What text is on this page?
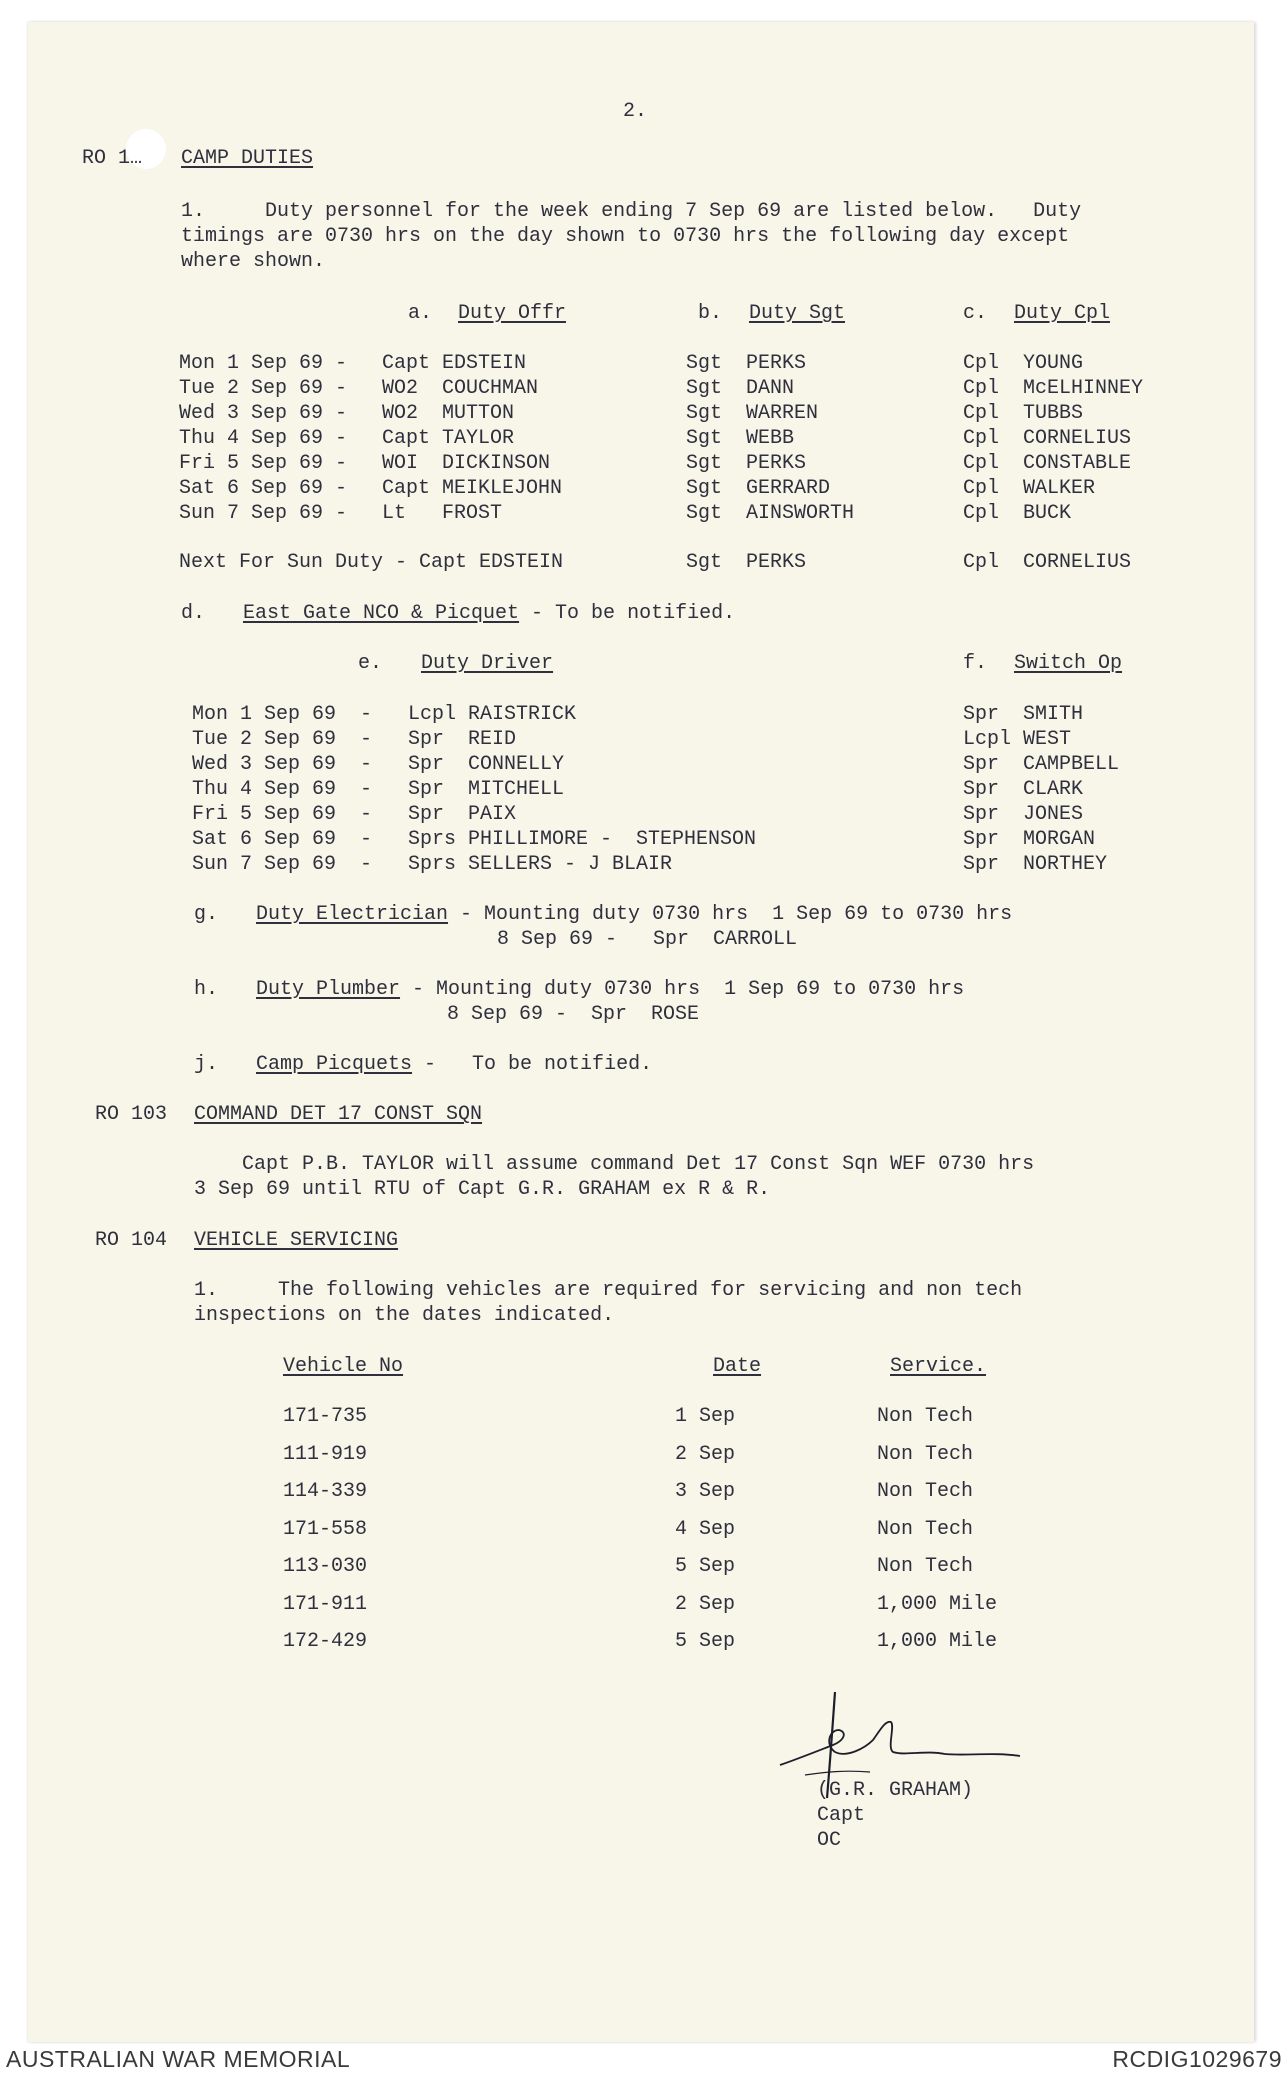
2.
RO 1… CAMP DUTIES
1.     Duty personnel for the week ending 7 Sep 69 are listed below.   Duty
timings are 0730 hrs on the day shown to 0730 hrs the following day except
where shown.
a. Duty Offr	b. Duty Sgt	c. Duty Cpl
Mon 1 Sep 69 - Capt EDSTEIN	Sgt  PERKS	Cpl  YOUNG
Tue 2 Sep 69 - WO2  COUCHMAN	Sgt  DANN	Cpl  McELHINNEY
Wed 3 Sep 69 - WO2  MUTTON	Sgt  WARREN	Cpl  TUBBS
Thu 4 Sep 69 - Capt TAYLOR	Sgt  WEBB	Cpl  CORNELIUS
Fri 5 Sep 69 - WOI  DICKINSON	Sgt  PERKS	Cpl  CONSTABLE
Sat 6 Sep 69 - Capt MEIKLEJOHN	Sgt  GERRARD	Cpl  WALKER
Sun 7 Sep 69 - Lt   FROST	Sgt  AINSWORTH	Cpl  BUCK
Next For Sun Duty - Capt EDSTEIN	Sgt  PERKS	Cpl  CORNELIUS
d. East Gate NCO & Picquet - To be notified.
e. Duty Driver	f. Switch Op
Mon 1 Sep 69  - Lcpl RAISTRICK	Spr  SMITH
Tue 2 Sep 69  - Spr  REID	Lcpl WEST
Wed 3 Sep 69  - Spr  CONNELLY	Spr  CAMPBELL
Thu 4 Sep 69  - Spr  MITCHELL	Spr  CLARK
Fri 5 Sep 69  - Spr  PAIX	Spr  JONES
Sat 6 Sep 69  - Sprs PHILLIMORE -  STEPHENSON	Spr  MORGAN
Sun 7 Sep 69  - Sprs SELLERS - J BLAIR	Spr  NORTHEY
g. Duty Electrician - Mounting duty 0730 hrs  1 Sep 69 to 0730 hrs
8 Sep 69 -   Spr  CARROLL
h. Duty Plumber - Mounting duty 0730 hrs  1 Sep 69 to 0730 hrs
8 Sep 69 -  Spr  ROSE
j. Camp Picquets -   To be notified.
RO 103 COMMAND DET 17 CONST SQN
Capt P.B. TAYLOR will assume command Det 17 Const Sqn WEF 0730 hrs
3 Sep 69 until RTU of Capt G.R. GRAHAM ex R & R.
RO 104 VEHICLE SERVICING
1.     The following vehicles are required for servicing and non tech
inspections on the dates indicated.
Vehicle No	Date	Service.
171-735	1 Sep	Non Tech
111-919	2 Sep	Non Tech
114-339	3 Sep	Non Tech
171-558	4 Sep	Non Tech
113-030	5 Sep	Non Tech
171-911	2 Sep	1,000 Mile
172-429	5 Sep	1,000 Mile
(G.R. GRAHAM)
Capt
OC
AUSTRALIAN WAR MEMORIAL	RCDIG1029679
